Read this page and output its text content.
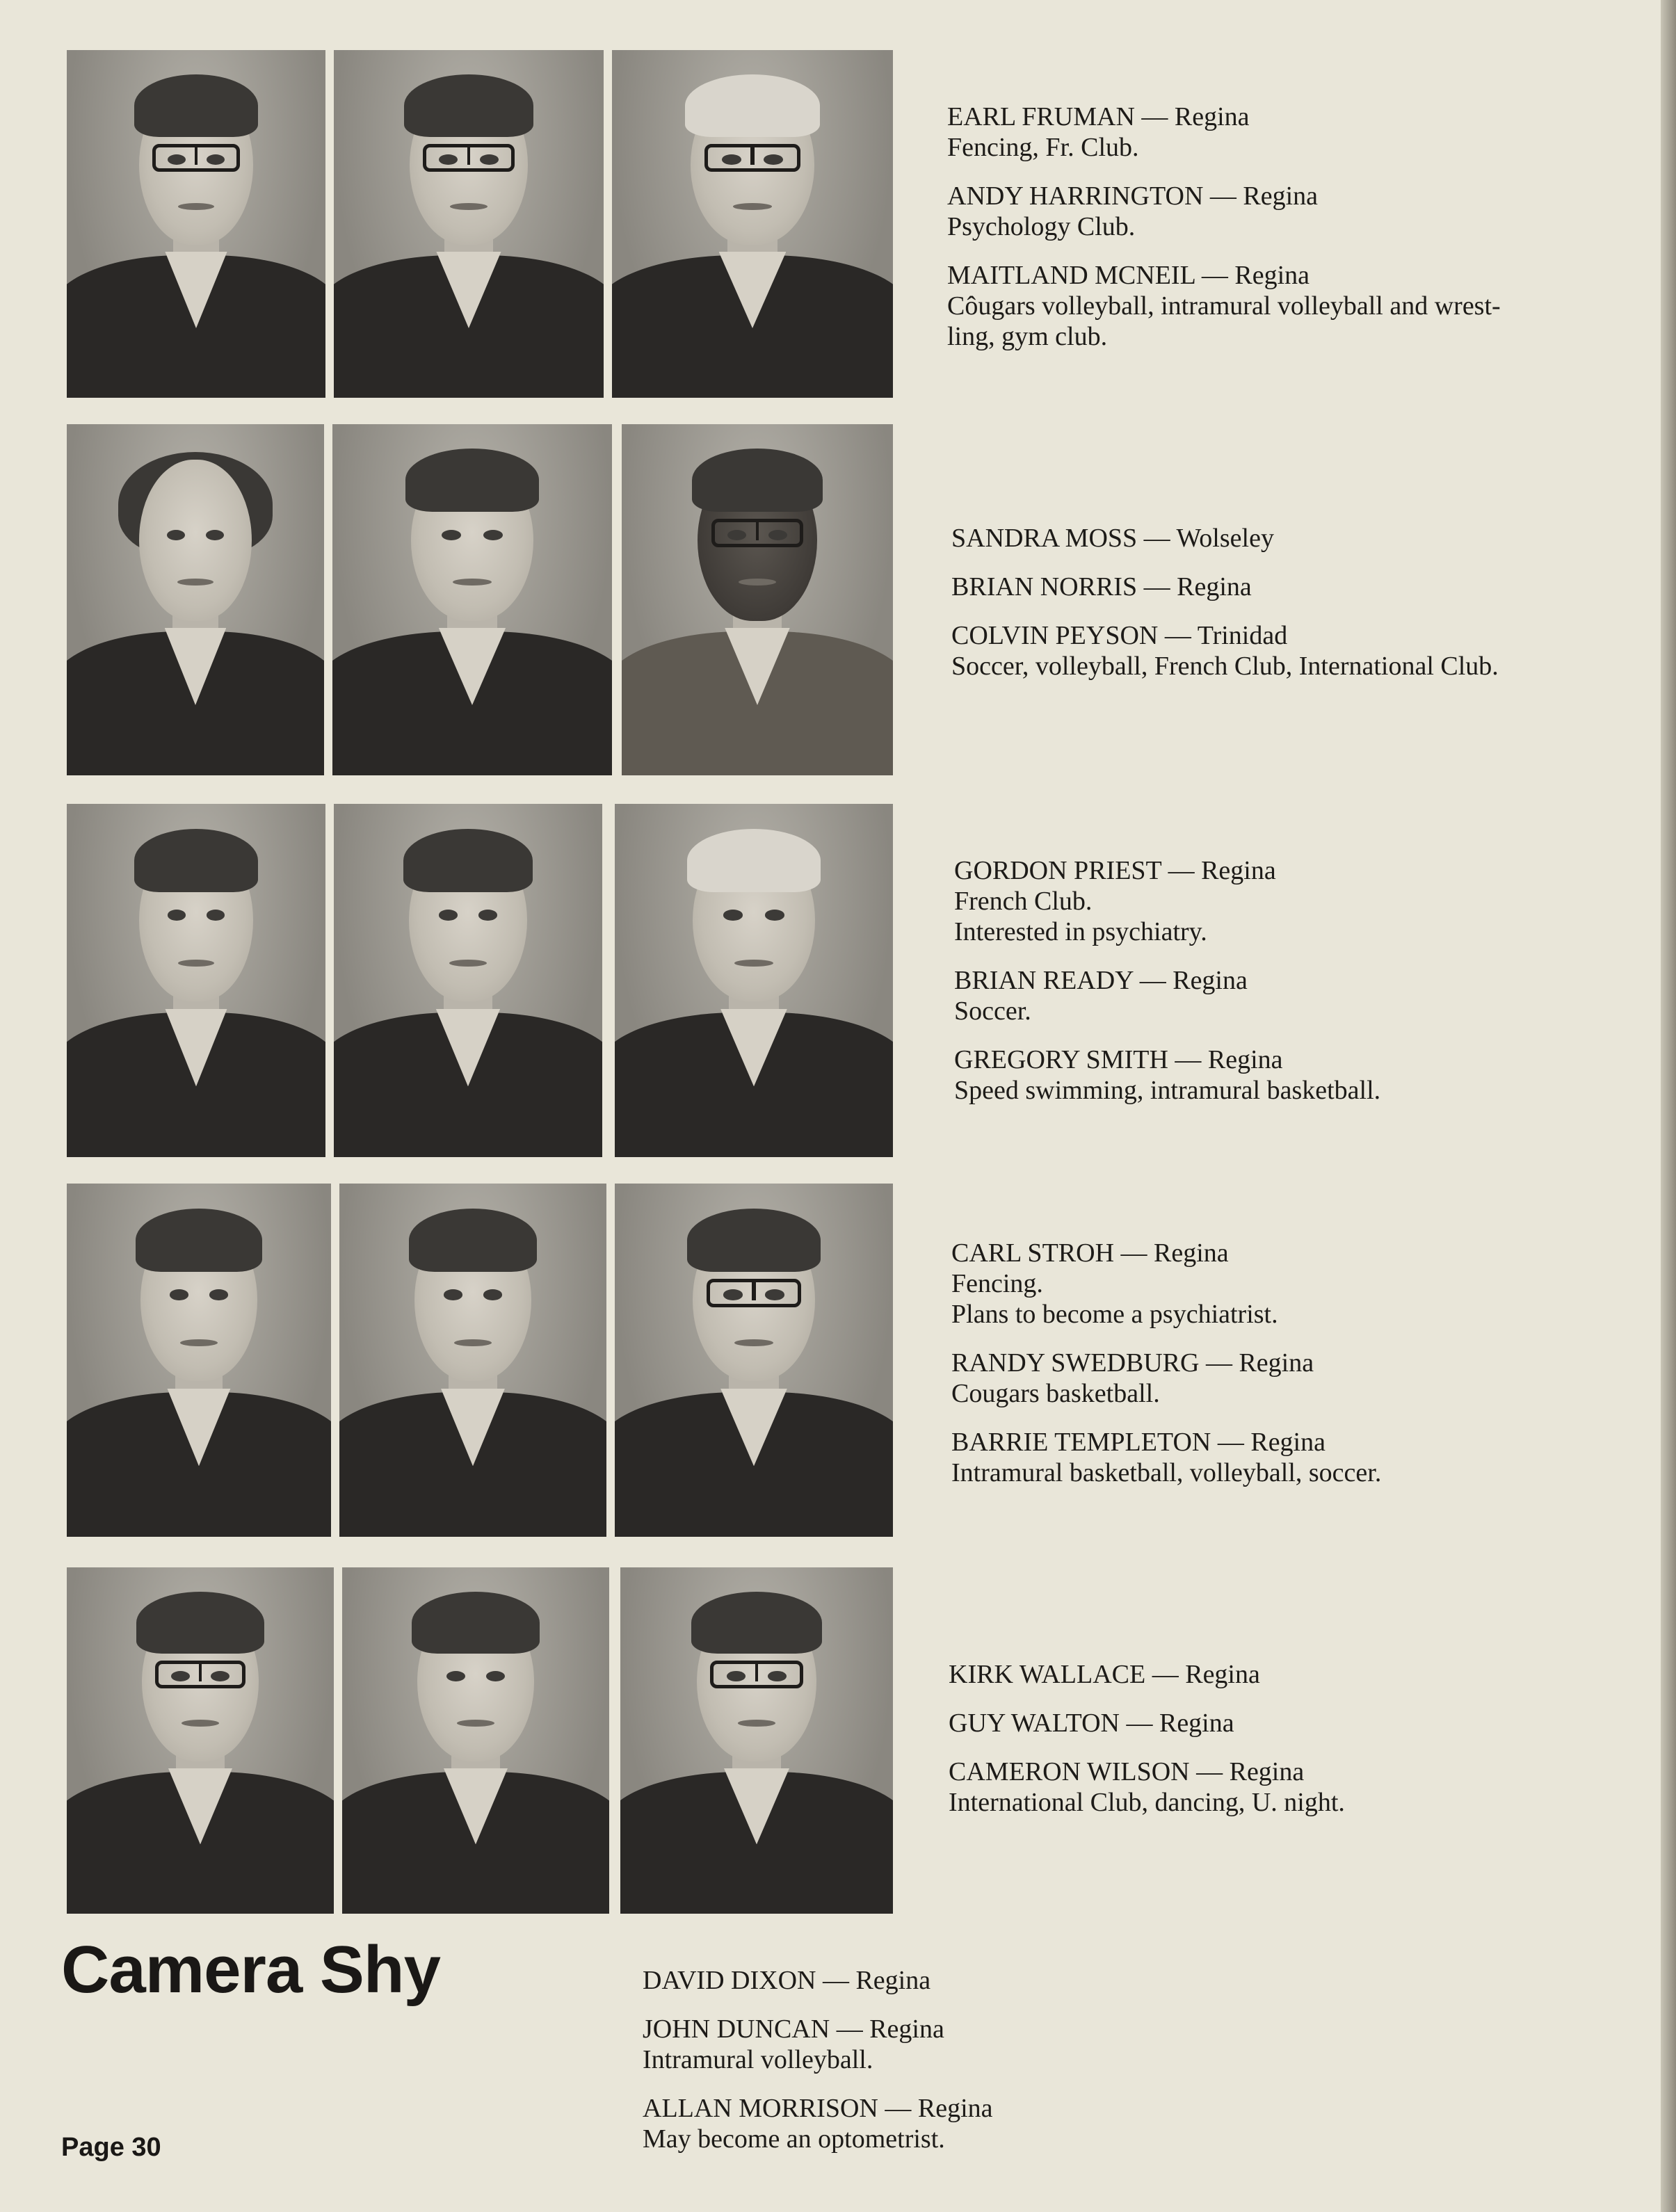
EARL FRUMAN — Regina
Fencing, Fr. Club.
ANDY HARRINGTON — Regina
Psychology Club.
MAITLAND MCNEIL — Regina
Côugars volleyball, intramural volleyball and wrest-
ling, gym club.
SANDRA MOSS — Wolseley
BRIAN NORRIS — Regina
COLVIN PEYSON — Trinidad
Soccer, volleyball, French Club, International Club.
GORDON PRIEST — Regina
French Club.
Interested in psychiatry.
BRIAN READY — Regina
Soccer.
GREGORY SMITH — Regina
Speed swimming, intramural basketball.
CARL STROH — Regina
Fencing.
Plans to become a psychiatrist.
RANDY SWEDBURG — Regina
Cougars basketball.
BARRIE TEMPLETON — Regina
Intramural basketball, volleyball, soccer.
KIRK WALLACE — Regina
GUY WALTON — Regina
CAMERON WILSON — Regina
International Club, dancing, U. night.
Camera Shy	DAVID DIXON — Regina
JOHN DUNCAN — Regina
Intramural volleyball.
ALLAN MORRISON — Regina
May become an optometrist.
Page 30
